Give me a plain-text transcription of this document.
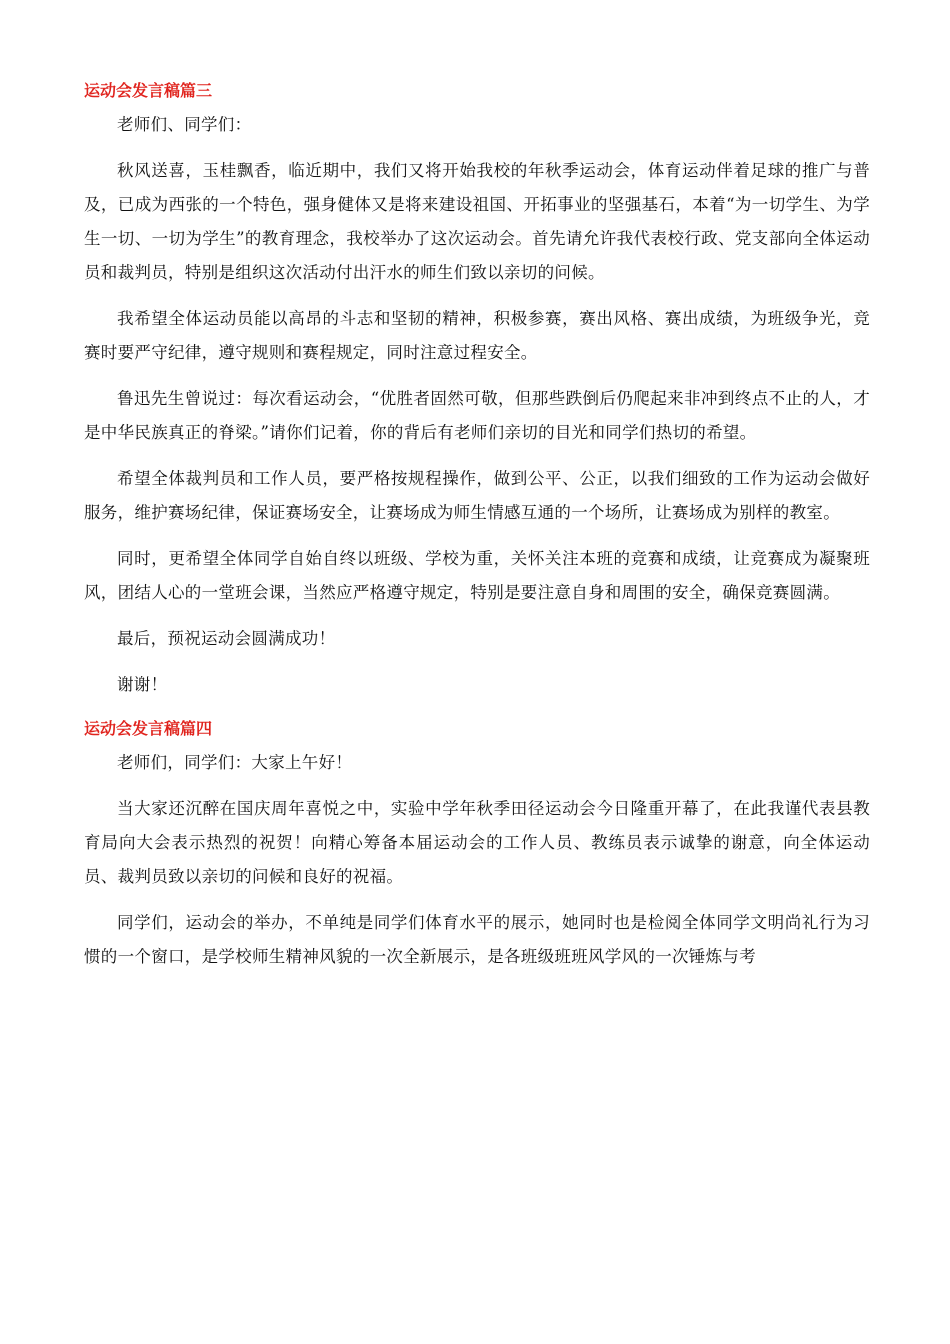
运动会发言稿篇三

老师们、同学们：

秋风送喜，玉桂飘香，临近期中，我们又将开始我校的年秋季运动会，体育运动伴着足球的推广与普及，已成为西张的一个特色，强身健体又是将来建设祖国、开拓事业的坚强基石，本着“为一切学生、为学生一切、一切为学生”的教育理念，我校举办了这次运动会。首先请允许我代表校行政、党支部向全体运动员和裁判员，特别是组织这次活动付出汗水的师生们致以亲切的问候。

我希望全体运动员能以高昂的斗志和坚韧的精神，积极参赛，赛出风格、赛出成绩，为班级争光，竞赛时要严守纪律，遵守规则和赛程规定，同时注意过程安全。

鲁迅先生曾说过：每次看运动会，“优胜者固然可敬，但那些跌倒后仍爬起来非冲到终点不止的人，才是中华民族真正的脊梁。”请你们记着，你的背后有老师们亲切的目光和同学们热切的希望。

希望全体裁判员和工作人员，要严格按规程操作，做到公平、公正，以我们细致的工作为运动会做好服务，维护赛场纪律，保证赛场安全，让赛场成为师生情感互通的一个场所，让赛场成为别样的教室。

同时，更希望全体同学自始自终以班级、学校为重，关怀关注本班的竞赛和成绩，让竞赛成为凝聚班风，团结人心的一堂班会课，当然应严格遵守规定，特别是要注意自身和周围的安全，确保竞赛圆满。

最后，预祝运动会圆满成功！

谢谢！

运动会发言稿篇四

老师们，同学们：大家上午好！

当大家还沉醉在国庆周年喜悦之中，实验中学年秋季田径运动会今日隆重开幕了，在此我谨代表县教育局向大会表示热烈的祝贺！向精心筹备本届运动会的工作人员、教练员表示诚挚的谢意，向全体运动员、裁判员致以亲切的问候和良好的祝福。

同学们，运动会的举办，不单纯是同学们体育水平的展示，她同时也是检阅全体同学文明尚礼行为习惯的一个窗口，是学校师生精神风貌的一次全新展示，是各班级班班风学风的一次锤炼与考
